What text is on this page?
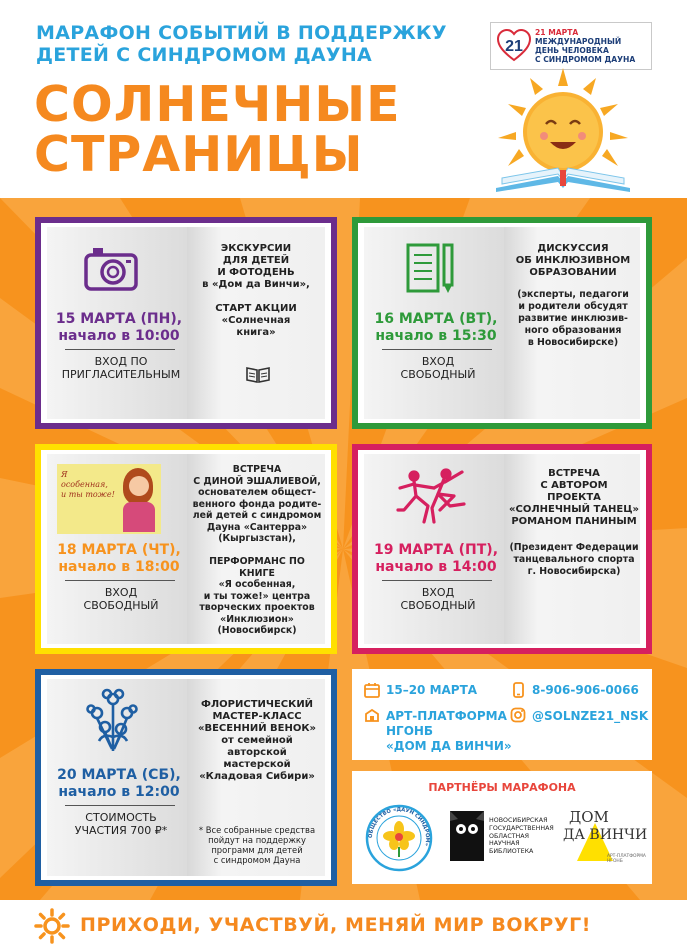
МАРАФОН СОБЫТИЙ В ПОДДЕРЖКУ
ДЕТЕЙ С СИНДРОМОМ ДАУНА
СОЛНЕЧНЫЕ
СТРАНИЦЫ
21
21 МАРТА
МЕЖДУНАРОДНЫЙ
ДЕНЬ ЧЕЛОВЕКА
С СИНДРОМОМ ДАУНА
15 МАРТА (ПН),
начало в 10:00
ВХОД ПО
ПРИГЛАСИТЕЛЬНЫМ
ЭКСКУРСИИ
ДЛЯ ДЕТЕЙ
И ФОТОДЕНЬ
в «Дом да Винчи»,

СТАРТ АКЦИИ
«Солнечная
книга»
16 МАРТА (ВТ),
начало в 15:30
ВХОД
СВОБОДНЫЙ
ДИСКУССИЯ
ОБ ИНКЛЮЗИВНОМ
ОБРАЗОВАНИИ
(эксперты, педагоги
и родители обсудят
развитие инклюзив-
ного образования
в Новосибирске)
Я особенная, и ты тоже!
18 МАРТА (ЧТ),
начало в 18:00
ВХОД
СВОБОДНЫЙ
ВСТРЕЧА
С ДИНОЙ ЭШАЛИЕВОЙ,
основателем общест-
венного фонда родите-
лей детей с синдромом
Дауна «Сантерра»
(Кыргызстан),

ПЕРФОРМАНС ПО КНИГЕ
«Я особенная,
и ты тоже!» центра
творческих проектов
«Инклюзион»
(Новосибирск)
19 МАРТА (ПТ),
начало в 14:00
ВХОД
СВОБОДНЫЙ
ВСТРЕЧА
С АВТОРОМ
ПРОЕКТА
«СОЛНЕЧНЫЙ ТАНЕЦ»
РОМАНОМ ПАНИНЫМ
(Президент Федерации
танцевального спорта
г. Новосибирска)
20 МАРТА (СБ),
начало в 12:00
СТОИМОСТЬ
УЧАСТИЯ 700 ₽*
ФЛОРИСТИЧЕСКИЙ
МАСТЕР-КЛАСС
«ВЕСЕННИЙ ВЕНОК»
от семейной
авторской
мастерской
«Кладовая Сибири»
* Все собранные средства
пойдут на поддержку
программ для детей
с синдромом Дауна
15–20 МАРТА	8-906-906-0066
АРТ-ПЛАТФОРМА
НГОНБ
«ДОМ ДА ВИНЧИ»
@SOLNZE21_NSK
ПАРТНЁРЫ МАРАФОНА
ОБЩЕСТВО «ДАУН СИНДРОМ»
НОВОСИБИРСКАЯ
ГОСУДАРСТВЕННАЯ
ОБЛАСТНАЯ
НАУЧНАЯ
БИБЛИОТЕКА
ДОМ
ДА ВИНЧИ
АРТ-ПЛАТФОРМА НГОНБ
ПРИХОДИ, УЧАСТВУЙ, МЕНЯЙ МИР ВОКРУГ!
